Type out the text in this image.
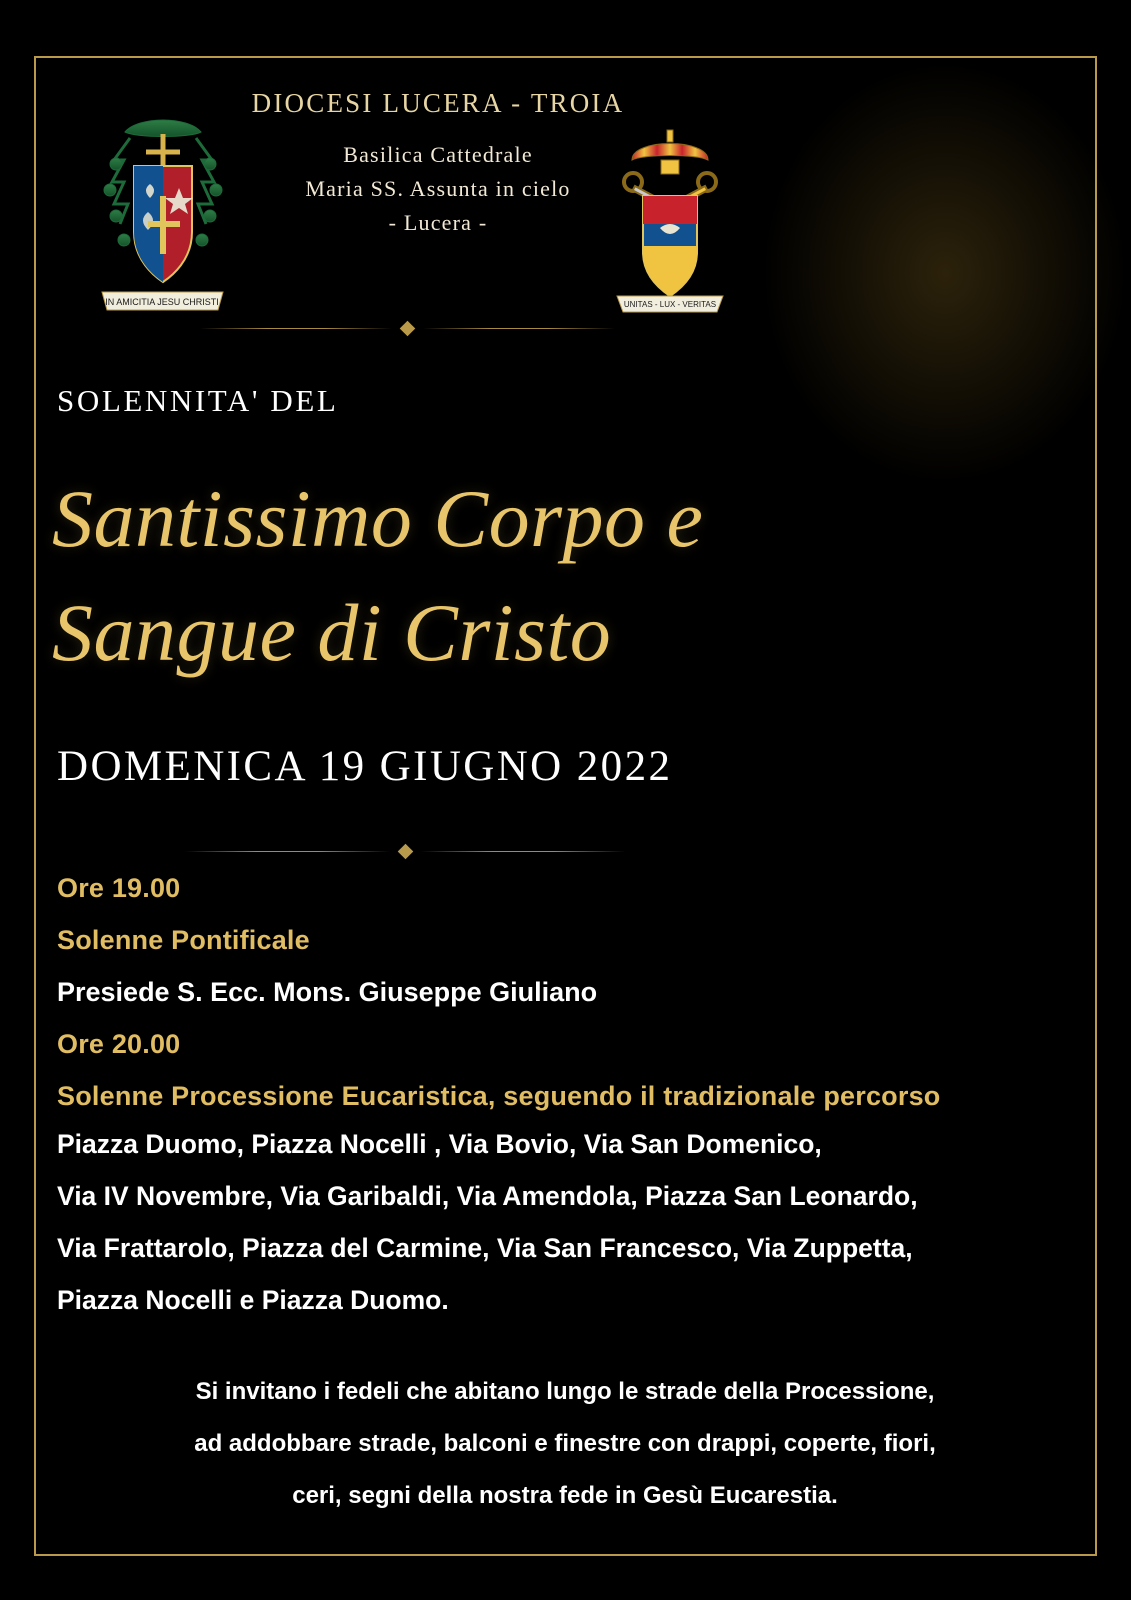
IN AMICITIA JESU CHRISTI	UNITAS - LUX - VERITAS
DIOCESI LUCERA - TROIA
Basilica Cattedrale
Maria SS. Assunta in cielo
- Lucera -
SOLENNITA' DEL
Santissimo Corpo e
Sangue di Cristo
DOMENICA 19 GIUGNO 2022
Ore 19.00
Solenne Pontificale
Presiede S. Ecc. Mons. Giuseppe Giuliano
Ore 20.00
Solenne Processione Eucaristica, seguendo il tradizionale percorso
Piazza Duomo, Piazza Nocelli , Via Bovio, Via San Domenico,
Via IV Novembre, Via Garibaldi, Via Amendola, Piazza San Leonardo,
Via Frattarolo, Piazza del Carmine, Via San Francesco, Via Zuppetta,
Piazza Nocelli e Piazza Duomo.
Si invitano i fedeli che abitano lungo le strade della Processione,
ad addobbare strade, balconi e finestre con drappi, coperte, fiori,
ceri, segni della nostra fede in Gesù Eucarestia.
